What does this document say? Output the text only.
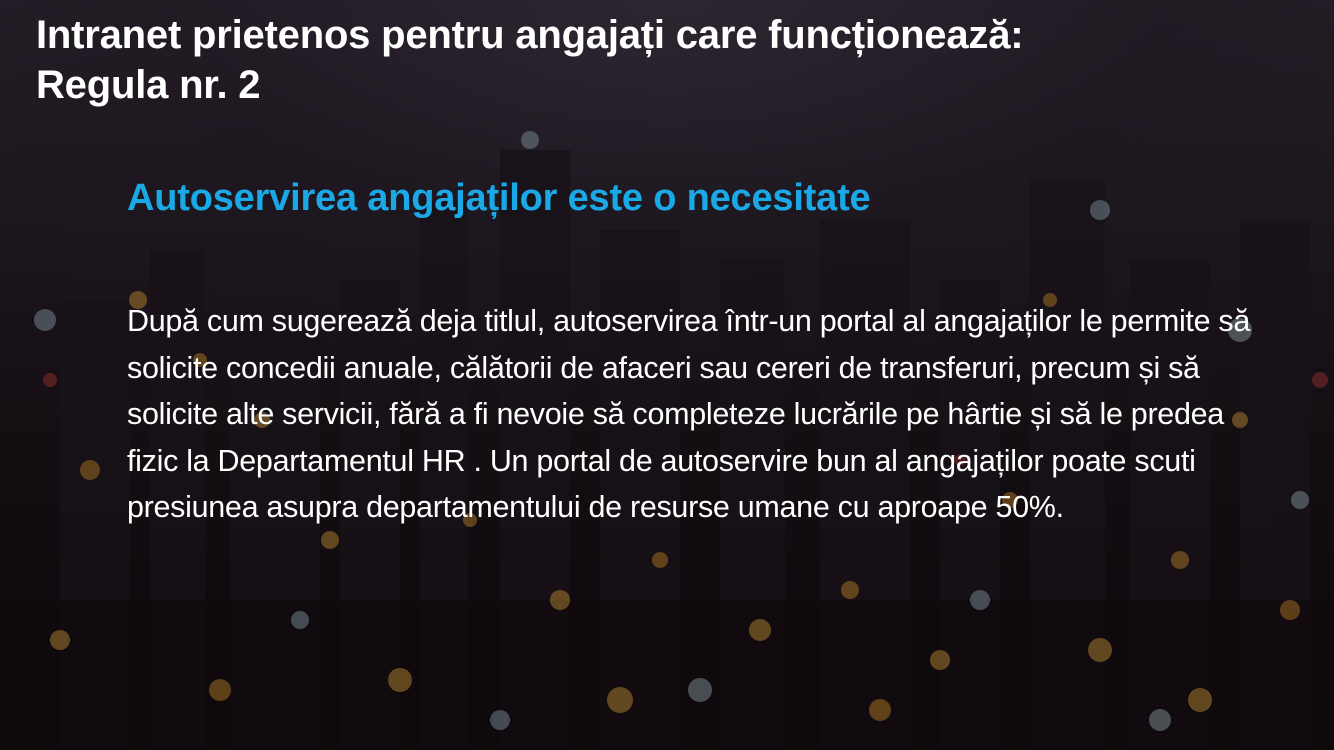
Intranet prietenos pentru angajați care funcționează:
Regula nr. 2
Autoservirea angajaților este o necesitate

După cum sugerează deja titlul, autoservirea într-un portal al angajaților le permite să solicite concedii anuale, călătorii de afaceri sau cereri de transferuri, precum și să solicite alte servicii, fără a fi nevoie să completeze lucrările pe hârtie și să le predea fizic la Departamentul HR . Un portal de autoservire bun al angajaților poate scuti presiunea asupra departamentului de resurse umane cu aproape 50%.
